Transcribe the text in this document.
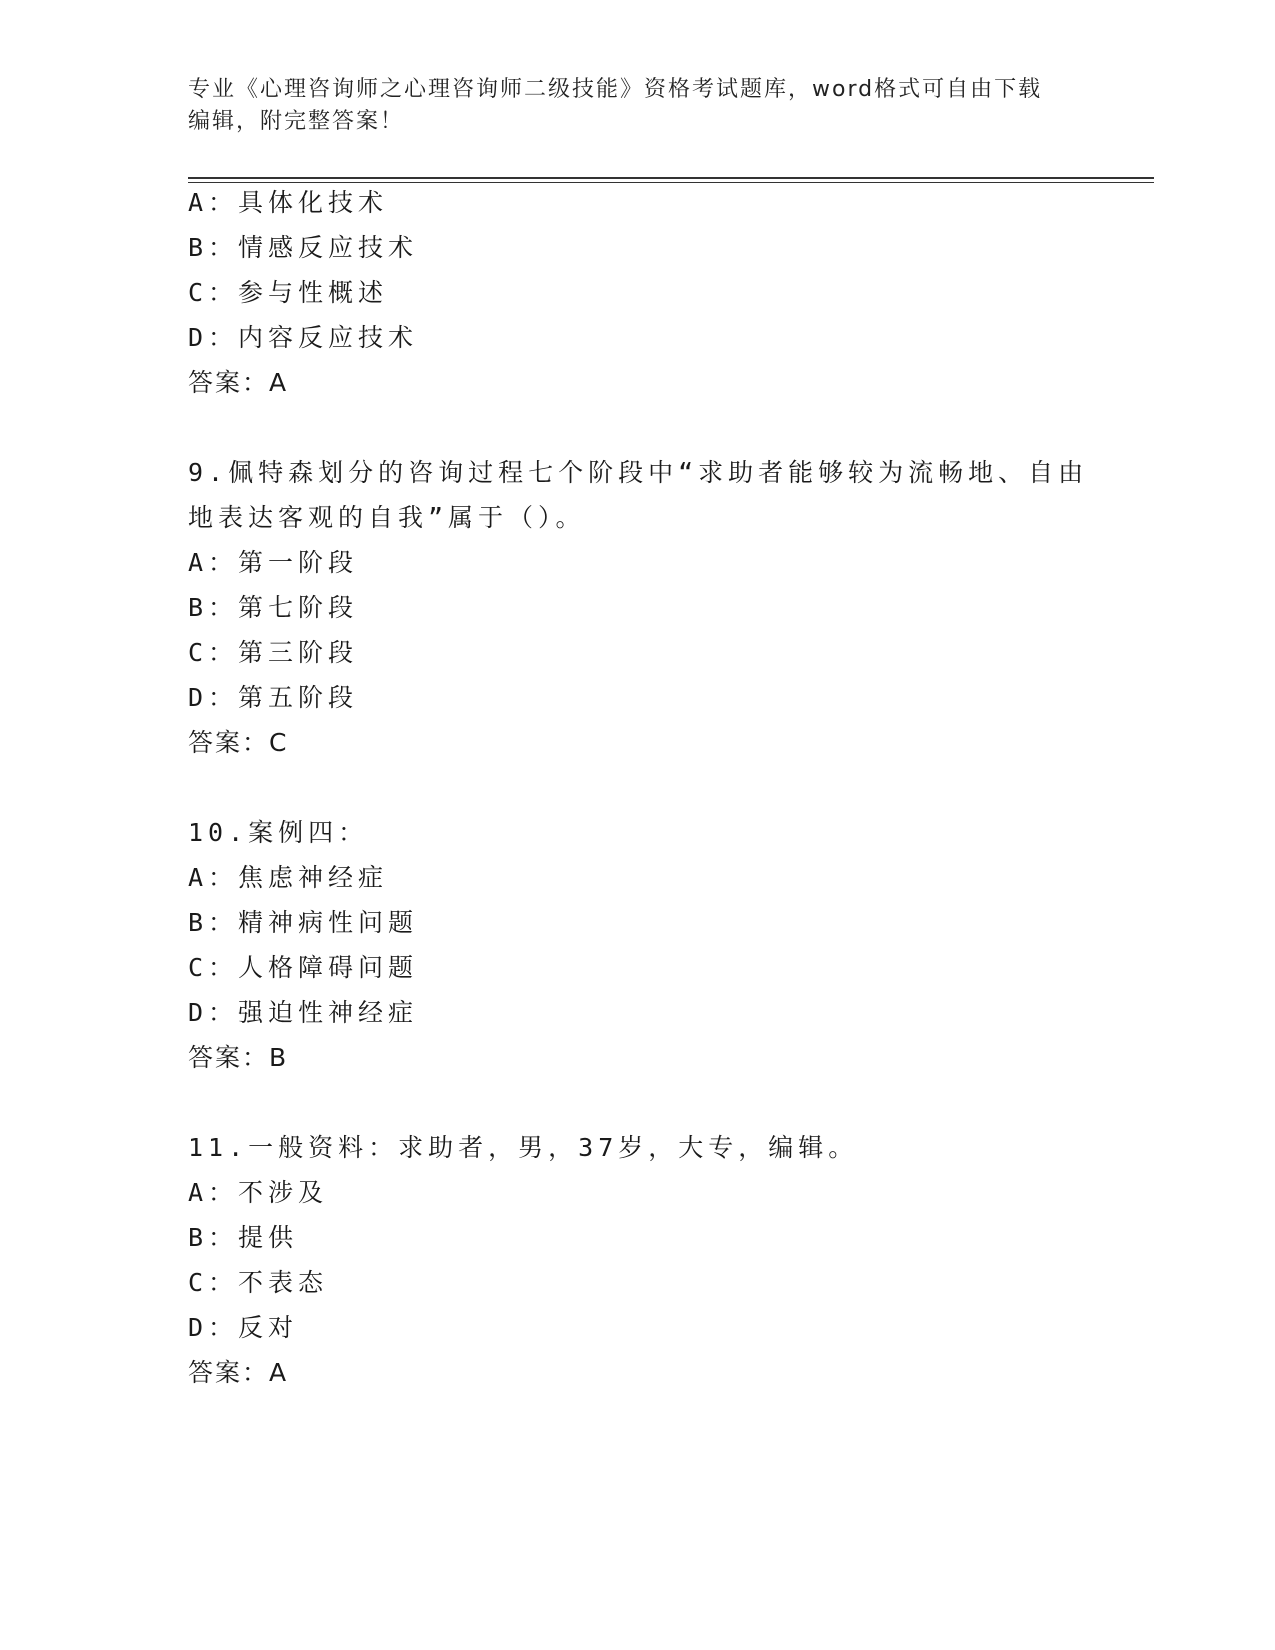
专业《心理咨询师之心理咨询师二级技能》资格考试题库，word格式可自由下载
编辑，附完整答案！
A：具体化技术
B：情感反应技术
C：参与性概述
D：内容反应技术
答案：A
9.佩特森划分的咨询过程七个阶段中“求助者能够较为流畅地、自由
地表达客观的自我”属于（）。
A：第一阶段
B：第七阶段
C：第三阶段
D：第五阶段
答案：C
10.案例四：
A：焦虑神经症
B：精神病性问题
C：人格障碍问题
D：强迫性神经症
答案：B
11.一般资料：求助者，男，37岁，大专，编辑。
A：不涉及
B：提供
C：不表态
D：反对
答案：A
